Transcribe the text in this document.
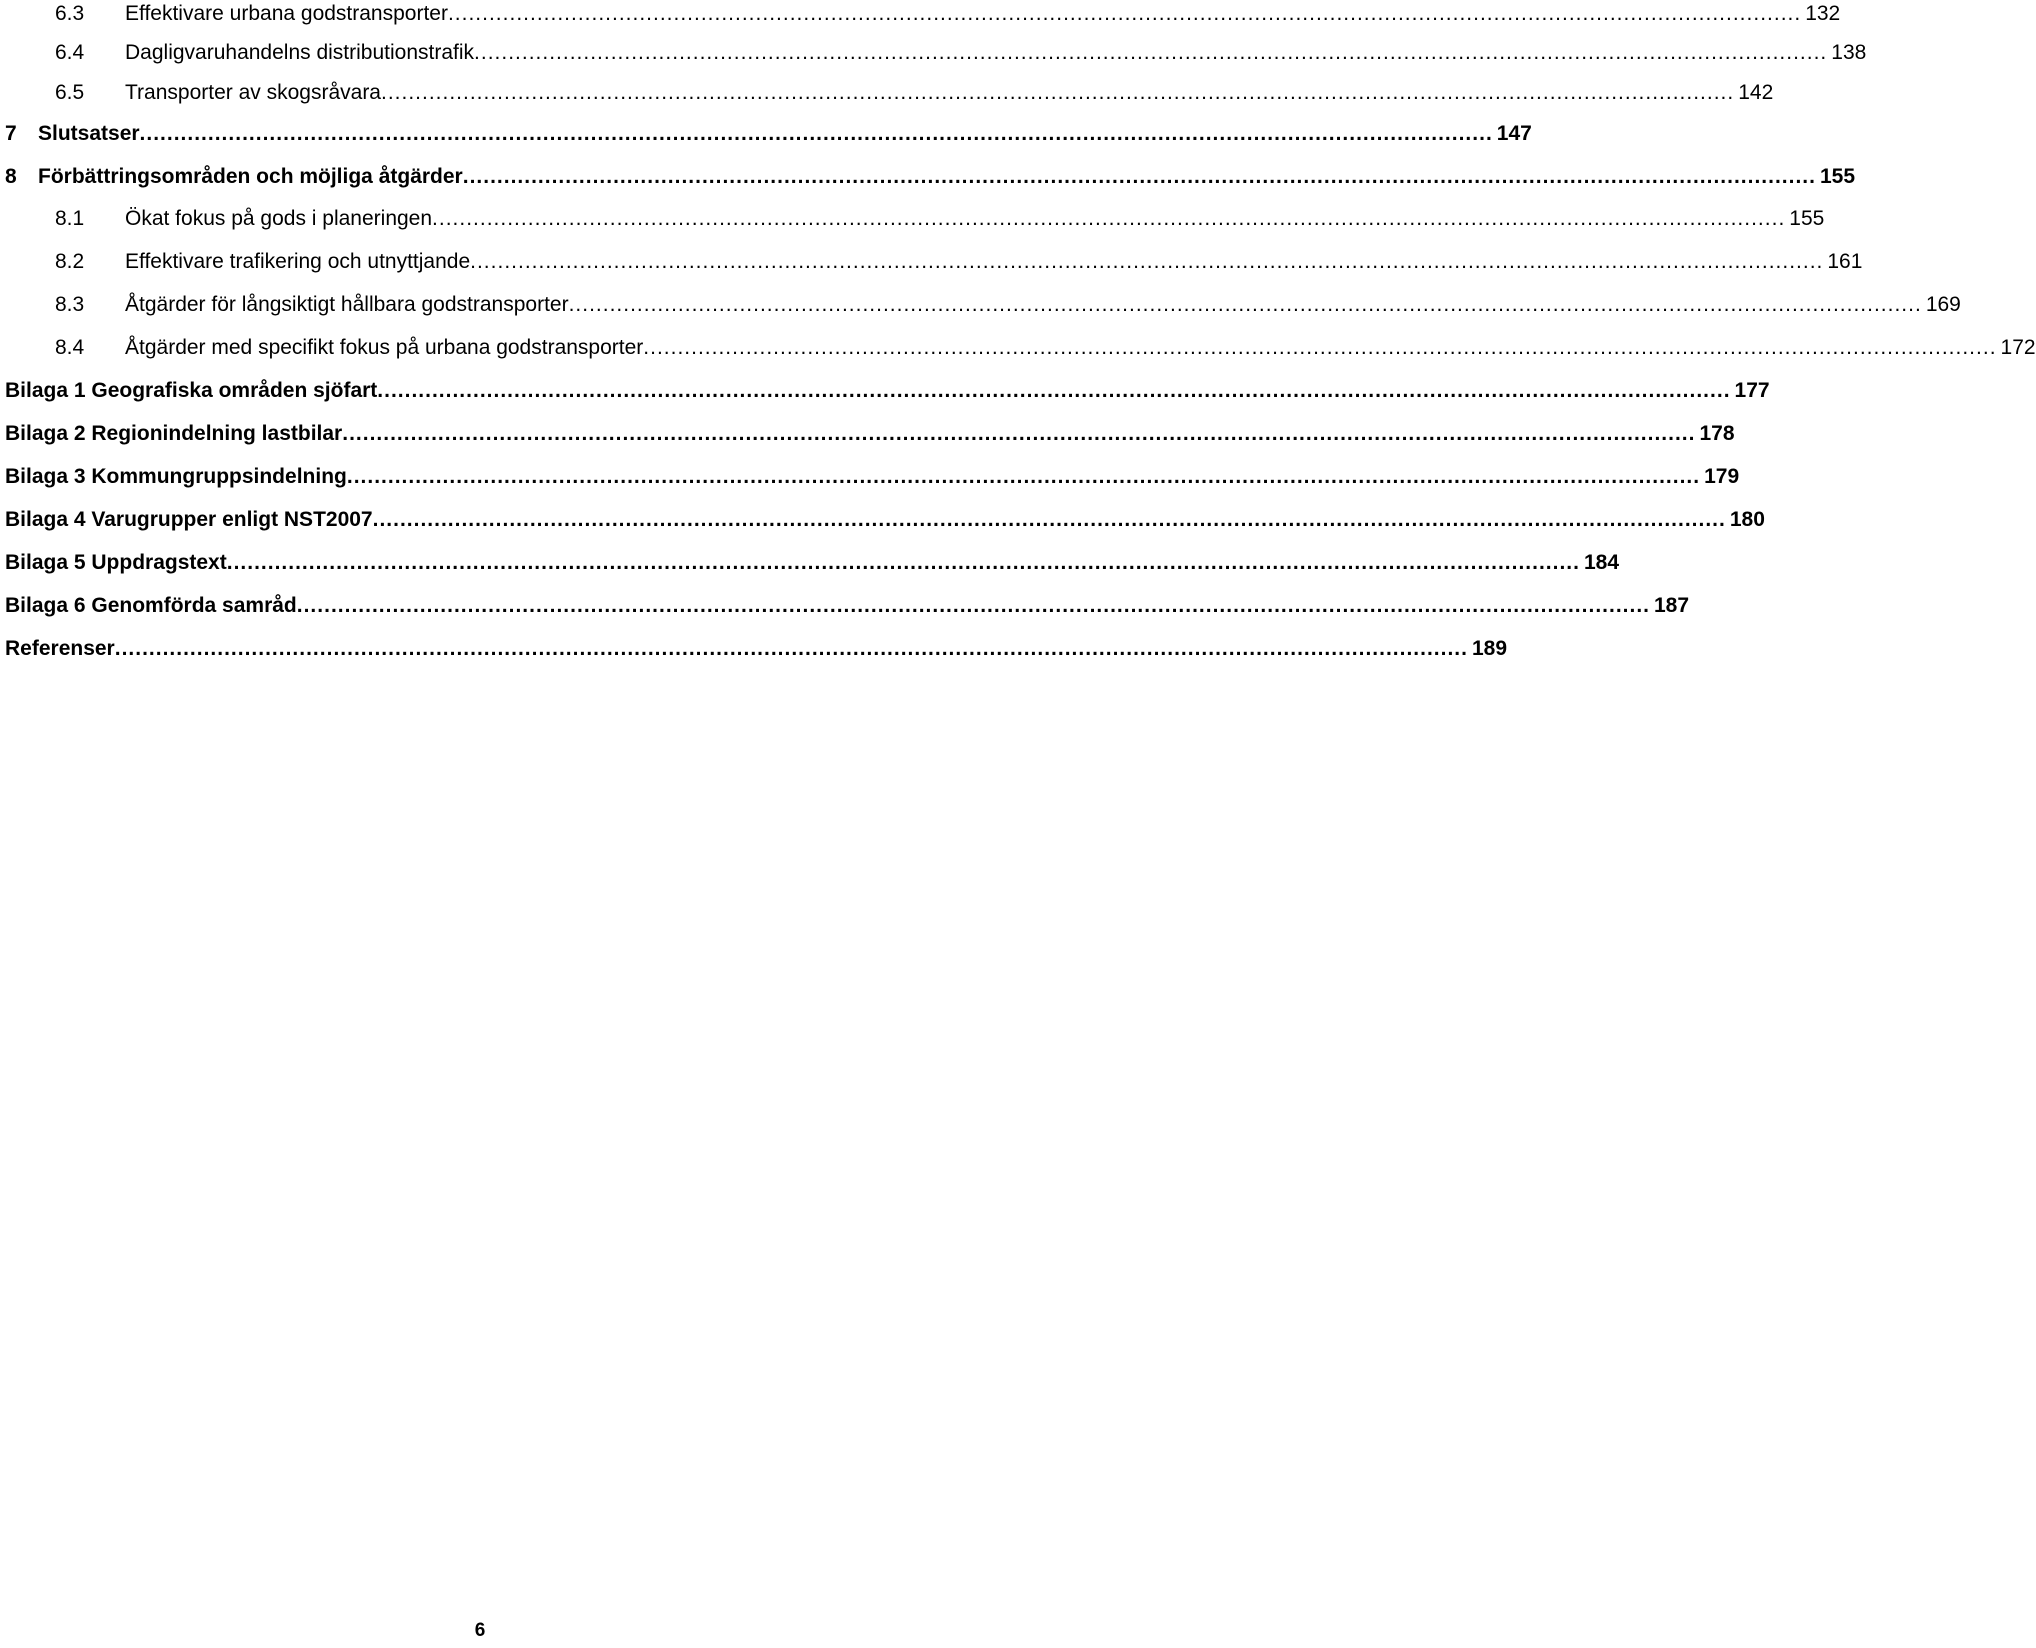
6.3	Effektivare urbana godstransporter .....	132
6.4	Dagligvaruhandelns distributionstrafik .....	138
6.5	Transporter av skogsråvara .....	142
7	Slutsatser .....	147
8	Förbättringsområden och möjliga åtgärder .....	155
8.1	Ökat fokus på gods i planeringen .....	155
8.2	Effektivare trafikering och utnyttjande .....	161
8.3	Åtgärder för långsiktigt hållbara godstransporter .....	169
8.4	Åtgärder med specifikt fokus på urbana godstransporter .....	172
Bilaga 1 Geografiska områden sjöfart .....	177
Bilaga 2 Regionindelning lastbilar .....	178
Bilaga 3 Kommungruppsindelning .....	179
Bilaga 4 Varugrupper enligt NST2007 .....	180
Bilaga 5 Uppdragstext .....	184
Bilaga 6 Genomförda samråd .....	187
Referenser .....	189
6
